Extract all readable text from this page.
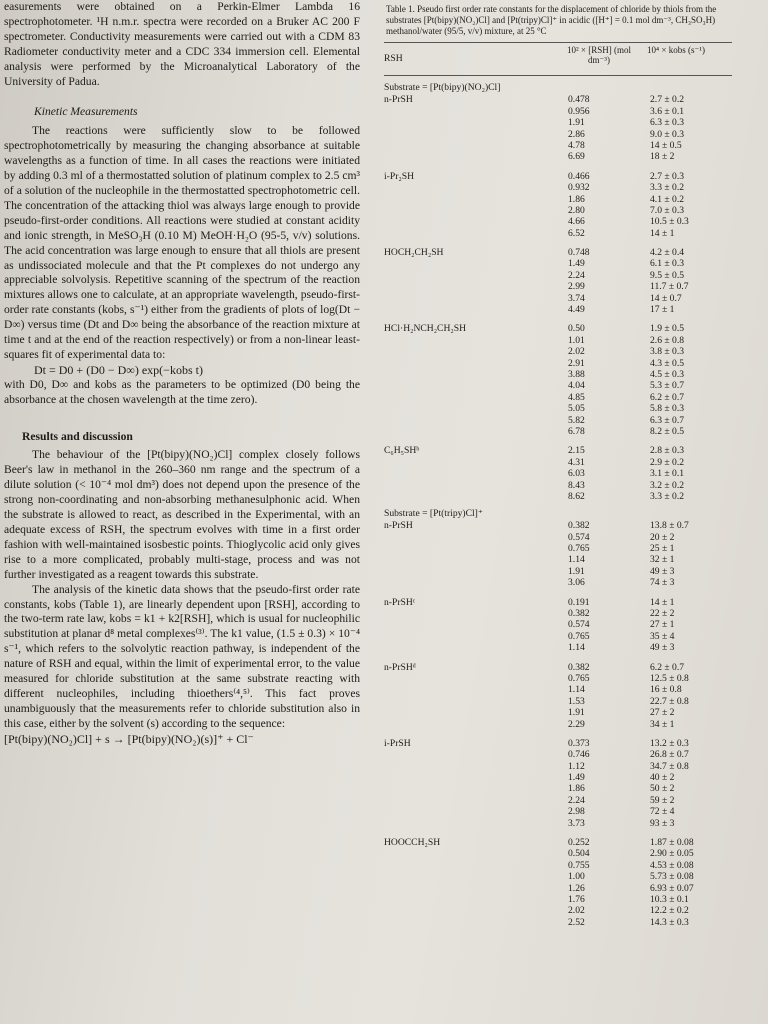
easurements were obtained on a Perkin-Elmer Lambda 16 spectrophotometer. ¹H n.m.r. spectra were recorded on a Bruker AC 200 F spectrometer. Conductivity measurements were carried out with a CDM 83 Radiometer conductivity meter and a CDC 334 immersion cell. Elemental analysis were performed by the Microanalytical Laboratory of the University of Padua.

Kinetic Measurements

The reactions were sufficiently slow to be followed spectrophotometrically by measuring the changing absorbance at suitable wavelengths as a function of time. In all cases the reactions were initiated by adding 0.3 ml of a thermostatted solution of platinum complex to 2.5 cm³ of a solution of the nucleophile in the thermostatted spectrophotometric cell. The concentration of the attacking thiol was always large enough to provide pseudo-first-order conditions. All reactions were studied at constant acidity and ionic strength, in MeSO₃H (0.10 M) MeOH·H₂O (95-5, v/v) solutions. The acid concentration was large enough to ensure that all thiols are present as undissociated molecule and that the Pt complexes do not undergo any appreciable solvolysis. Repetitive scanning of the spectrum of the reaction mixtures allows one to calculate, at an appropriate wavelength, pseudo-first-order rate constants (kobs, s⁻¹) either from the gradients of plots of log(Dt − D∞) versus time (Dt and D∞ being the absorbance of the reaction mixture at time t and at the end of the reaction respectively) or from a non-linear least-squares fit of experimental data to:

Dt = D0 + (D0 − D∞) exp(−kobs t)

with D0, D∞ and kobs as the parameters to be optimized (D0 being the absorbance at the chosen wavelength at the time zero).

Results and discussion

The behaviour of the [Pt(bipy)(NO₂)Cl] complex closely follows Beer's law in methanol in the 260–360 nm range and the spectrum of a dilute solution (< 10⁻⁴ mol dm³) does not depend upon the presence of the strong non-coordinating and non-absorbing methanesulphonic acid. When the substrate is allowed to react, as described in the Experimental, with an adequate excess of RSH, the spectrum evolves with time in a first order fashion with well-maintained isosbestic points. Thioglycolic acid only gives rise to a more complicated, probably multi-stage, process and was not further investigated as a reagent towards this substrate.

The analysis of the kinetic data shows that the pseudo-first order rate constants, kobs (Table 1), are linearly dependent upon [RSH], according to the two-term rate law, kobs = k1 + k2[RSH], which is usual for nucleophilic substitution at planar d⁸ metal complexes⁽³⁾. The k1 value, (1.5 ± 0.3) × 10⁻⁴ s⁻¹, which refers to the solvolytic reaction pathway, is independent of the nature of RSH and equal, within the limit of experimental error, to the value measured for chloride substitution at the same substrate reacting with different nucleophiles, including thioethers⁽⁴,⁵⁾. This fact proves unambiguously that the measurements refer to chloride substitution also in this case, either by the solvent (s) according to the sequence:

[Pt(bipy)(NO₂)Cl] + s → [Pt(bipy)(NO₂)(s)]⁺ + Cl⁻

Table 1. Pseudo first order rate constants for the displacement of chloride by thiols from the substrates [Pt(bipy)(NO₂)Cl] and [Pt(tripy)Cl]⁺ in acidic ([H⁺] = 0.1 mol dm⁻³, CH₃SO₃H) methanol/water (95/5, v/v) mixture, at 25 °C
RSH
10² × [RSH] (mol dm⁻³)
10⁴ × kobs (s⁻¹)
Substrate = [Pt(bipy)(NO₂)Cl]
n-PrSH	0.478	2.7 ± 0.2
0.956	3.6 ± 0.1
1.91	6.3 ± 0.3
2.86	9.0 ± 0.3
4.78	14 ± 0.5
6.69	18 ± 2
i-Pr₂SH	0.466	2.7 ± 0.3
0.932	3.3 ± 0.2
1.86	4.1 ± 0.2
2.80	7.0 ± 0.3
4.66	10.5 ± 0.3
6.52	14 ± 1
HOCH₂CH₂SH	0.748	4.2 ± 0.4
1.49	6.1 ± 0.3
2.24	9.5 ± 0.5
2.99	11.7 ± 0.7
3.74	14 ± 0.7
4.49	17 ± 1
HCl·H₂NCH₂CH₂SH	0.50	1.9 ± 0.5
1.01	2.6 ± 0.8
2.02	3.8 ± 0.3
2.91	4.3 ± 0.5
3.88	4.5 ± 0.3
4.04	5.3 ± 0.7
4.85	6.2 ± 0.7
5.05	5.8 ± 0.3
5.82	6.3 ± 0.7
6.78	8.2 ± 0.5
C₆H₅SHᵇ	2.15	2.8 ± 0.3
4.31	2.9 ± 0.2
6.03	3.1 ± 0.1
8.43	3.2 ± 0.2
8.62	3.3 ± 0.2
Substrate = [Pt(tripy)Cl]⁺
n-PrSH	0.382	13.8 ± 0.7
0.574	20 ± 2
0.765	25 ± 1
1.14	32 ± 1
1.91	49 ± 3
3.06	74 ± 3
n-PrSHᶜ	0.191	14 ± 1
0.382	22 ± 2
0.574	27 ± 1
0.765	35 ± 4
1.14	49 ± 3
n-PrSHᵈ	0.382	6.2 ± 0.7
0.765	12.5 ± 0.8
1.14	16 ± 0.8
1.53	22.7 ± 0.8
1.91	27 ± 2
2.29	34 ± 1
i-PrSH	0.373	13.2 ± 0.3
0.746	26.8 ± 0.7
1.12	34.7 ± 0.8
1.49	40 ± 2
1.86	50 ± 2
2.24	59 ± 2
2.98	72 ± 4
3.73	93 ± 3
HOOCCH₂SH	0.252	1.87 ± 0.08
0.504	2.90 ± 0.05
0.755	4.53 ± 0.08
1.00	5.73 ± 0.08
1.26	6.93 ± 0.07
1.76	10.3 ± 0.1
2.02	12.2 ± 0.2
2.52	14.3 ± 0.3
